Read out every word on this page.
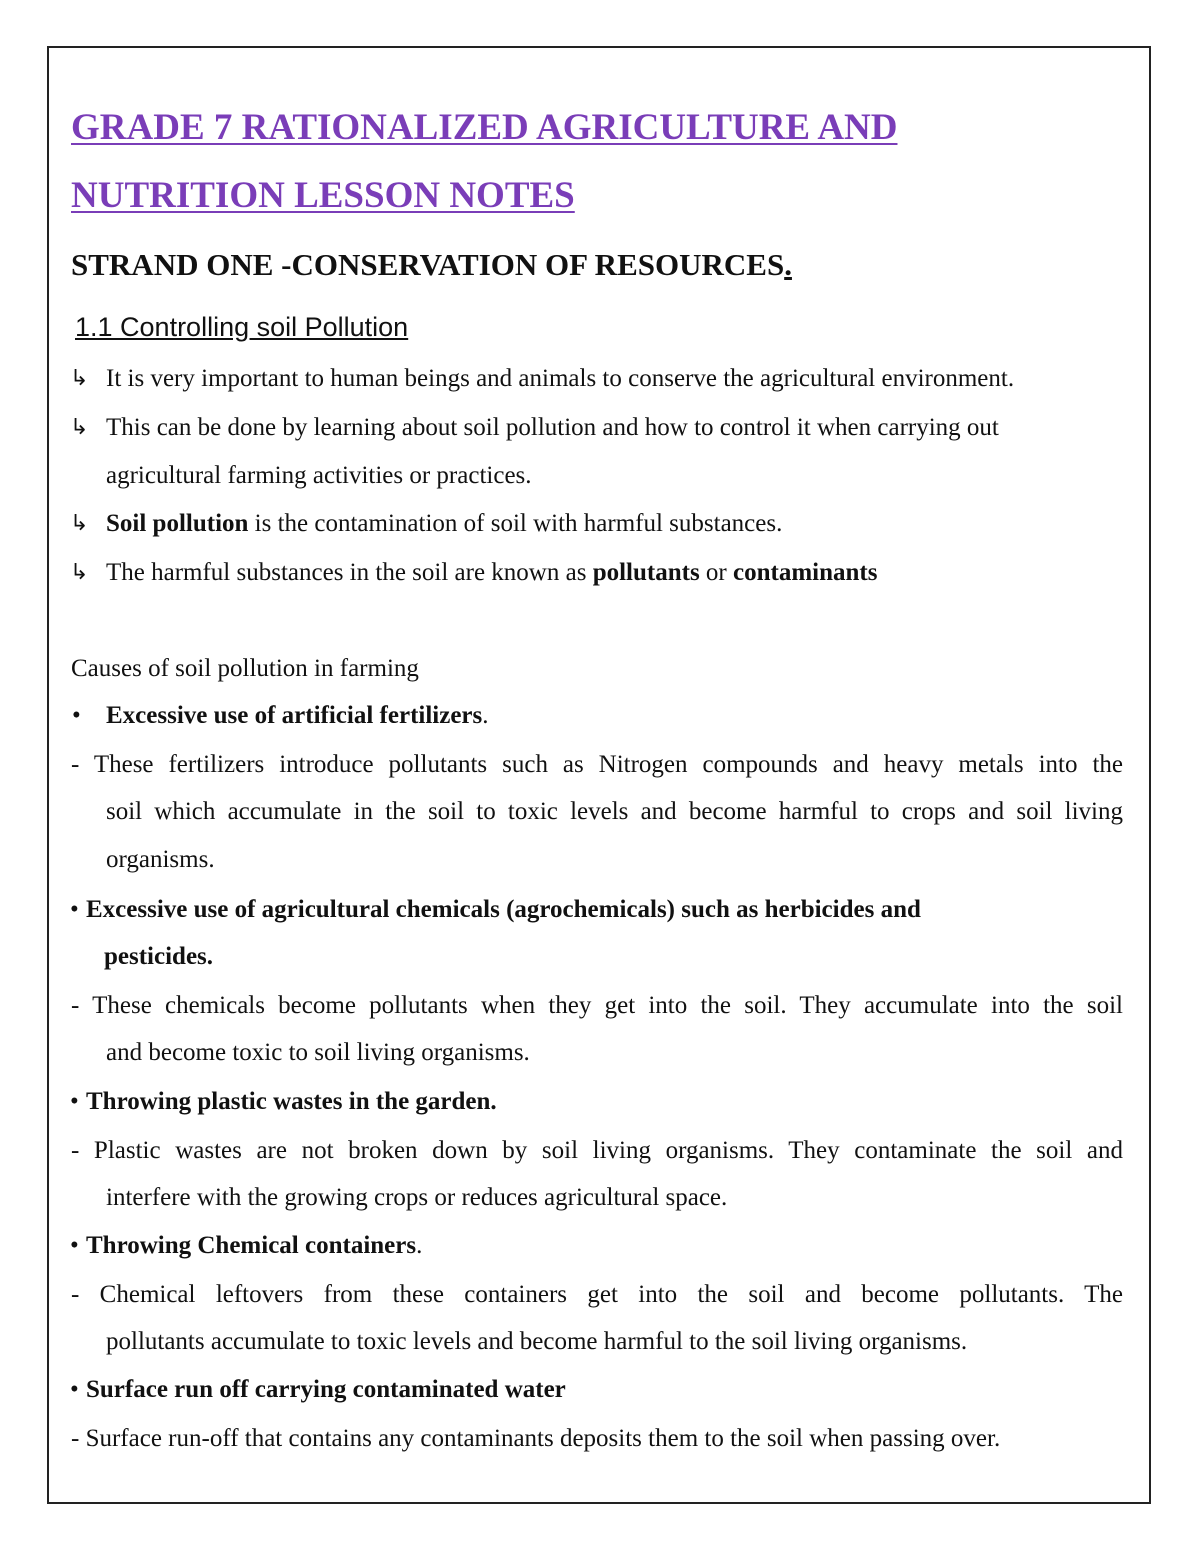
GRADE 7 RATIONALIZED AGRICULTURE AND
NUTRITION LESSON NOTES
STRAND ONE -CONSERVATION OF RESOURCES.
1.1 Controlling soil Pollution
↳ It is very important to human beings and animals to conserve the agricultural environment.
↳ This can be done by learning about soil pollution and how to control it when carrying out
agricultural farming activities or practices.
↳ Soil pollution is the contamination of soil with harmful substances.
↳ The harmful substances in the soil are known as pollutants or contaminants
Causes of soil pollution in farming
• Excessive use of artificial fertilizers.
- These fertilizers introduce pollutants such as Nitrogen compounds and heavy metals into the
soil which accumulate in the soil to toxic levels and become harmful to crops and soil living
organisms.
• Excessive use of agricultural chemicals (agrochemicals) such as herbicides and
pesticides.
- These chemicals become pollutants when they get into the soil. They accumulate into the soil
and become toxic to soil living organisms.
• Throwing plastic wastes in the garden.
- Plastic wastes are not broken down by soil living organisms. They contaminate the soil and
interfere with the growing crops or reduces agricultural space.
• Throwing Chemical containers.
- Chemical leftovers from these containers get into the soil and become pollutants. The
pollutants accumulate to toxic levels and become harmful to the soil living organisms.
• Surface run off carrying contaminated water
- Surface run-off that contains any contaminants deposits them to the soil when passing over.
